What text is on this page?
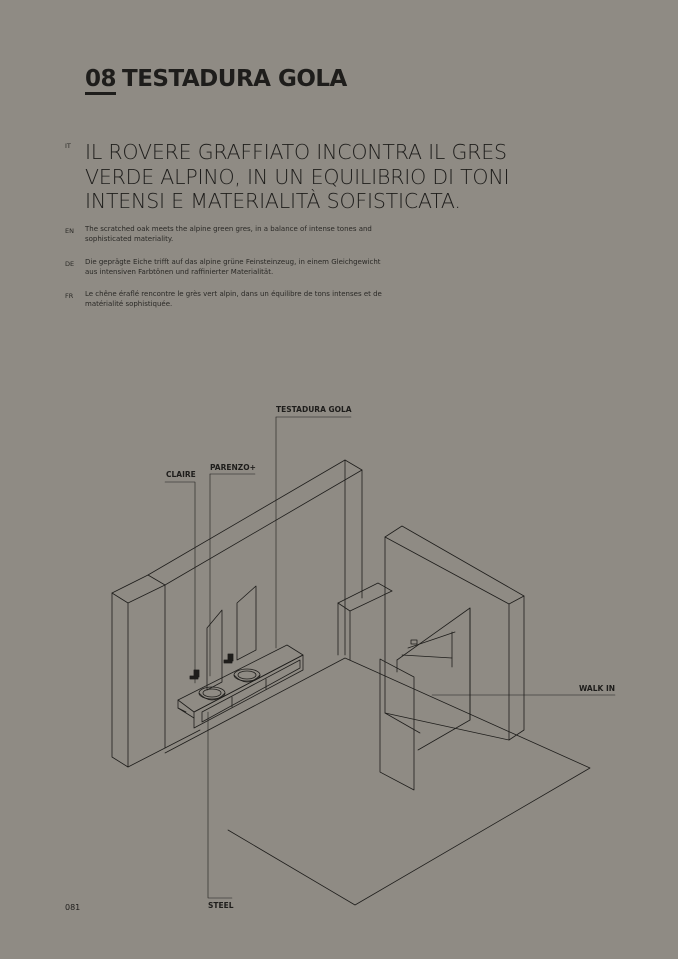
08 TESTADURA GOLA
IT IL ROVERE GRAFFIATO INCONTRA IL GRES VERDE ALPINO, IN UN EQUILIBRIO DI TONI INTENSI E MATERIALITÀ SOFISTICATA.

EN The scratched oak meets the alpine green gres, in a balance of intense tones and sophisticated materiality.

DE Die geprägte Eiche trifft auf das alpine grüne Feinsteinzeug, in einem Gleichgewicht aus intensiven Farbtönen und raffinierter Materialität.

FR Le chêne éraflé rencontre le grès vert alpin, dans un équilibre de tons intenses et de matérialité sophistiquée.

TESTADURA GOLA
CLAIRE
PARENZO+
WALK IN
STEEL
081
